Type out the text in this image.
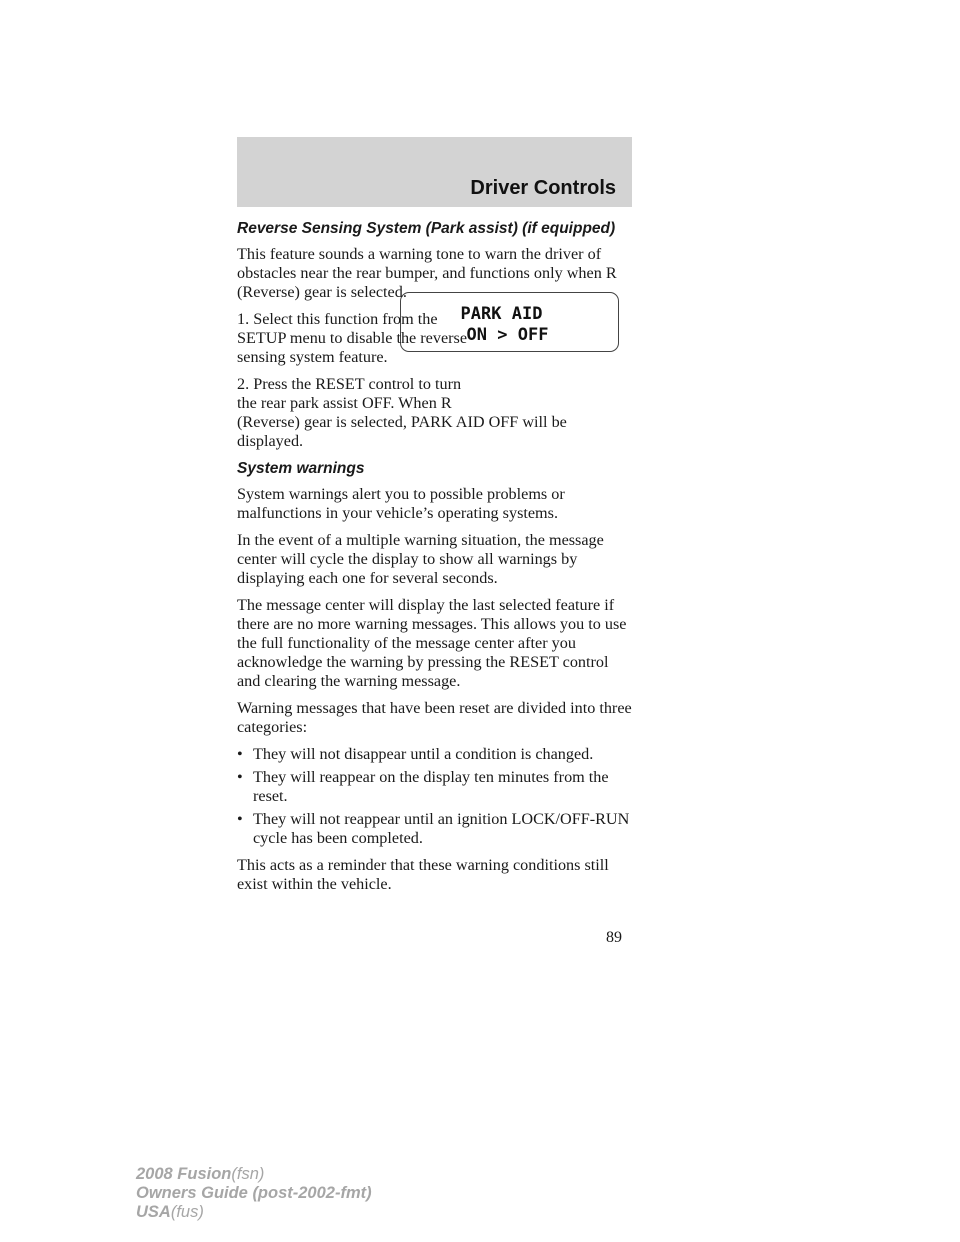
Driver Controls
PARK AID
ON > OFF
Reverse Sensing System (Park assist) (if equipped)

This feature sounds a warning tone to warn the driver of obstacles near the rear bumper, and functions only when R (Reverse) gear is selected.

1. Select this function from the
SETUP menu to disable the reverse
sensing system feature.

2. Press the RESET control to turn
the rear park assist OFF. When R
(Reverse) gear is selected, PARK AID OFF will be displayed.

System warnings

System warnings alert you to possible problems or malfunctions in your vehicle’s operating systems.

In the event of a multiple warning situation, the message center will cycle the display to show all warnings by displaying each one for several seconds.

The message center will display the last selected feature if there are no more warning messages. This allows you to use the full functionality of the message center after you acknowledge the warning by pressing the RESET control and clearing the warning message.

Warning messages that have been reset are divided into three categories:

• They will not disappear until a condition is changed.
• They will reappear on the display ten minutes from the reset.
• They will not reappear until an ignition LOCK/OFF-RUN cycle has been completed.

This acts as a reminder that these warning conditions still exist within the vehicle.

89
2008 Fusion(fsn)
Owners Guide (post-2002-fmt)
USA(fus)
